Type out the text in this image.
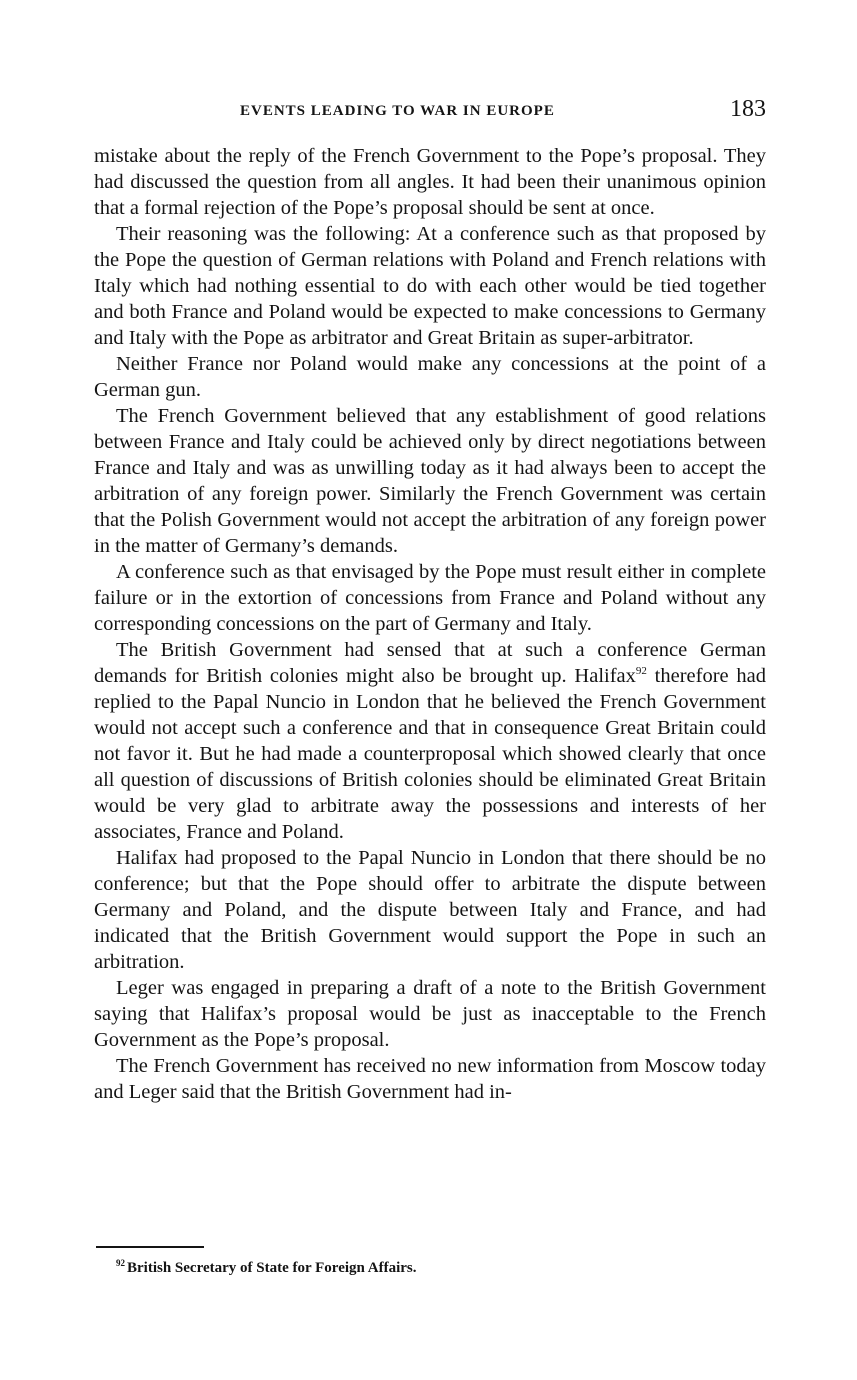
EVENTS LEADING TO WAR IN EUROPE	183

mistake about the reply of the French Government to the Pope’s proposal. They had discussed the question from all angles. It had been their unanimous opinion that a formal rejection of the Pope’s proposal should be sent at once.

Their reasoning was the following: At a conference such as that proposed by the Pope the question of German relations with Poland and French relations with Italy which had nothing essential to do with each other would be tied together and both France and Poland would be expected to make concessions to Germany and Italy with the Pope as arbitrator and Great Britain as super-arbitrator.

Neither France nor Poland would make any concessions at the point of a German gun.

The French Government believed that any establishment of good relations between France and Italy could be achieved only by direct negotiations between France and Italy and was as unwilling today as it had always been to accept the arbitration of any foreign power. Similarly the French Government was certain that the Polish Government would not accept the arbitration of any foreign power in the matter of Germany’s demands.

A conference such as that envisaged by the Pope must result either in complete failure or in the extortion of concessions from France and Poland without any corresponding concessions on the part of Germany and Italy.

The British Government had sensed that at such a conference German demands for British colonies might also be brought up. Halifax$^{92}$ therefore had replied to the Papal Nuncio in London that he believed the French Government would not accept such a conference and that in consequence Great Britain could not favor it. But he had made a counterproposal which showed clearly that once all question of discussions of British colonies should be eliminated Great Britain would be very glad to arbitrate away the possessions and interests of her associates, France and Poland.

Halifax had proposed to the Papal Nuncio in London that there should be no conference; but that the Pope should offer to arbitrate the dispute between Germany and Poland, and the dispute between Italy and France, and had indicated that the British Government would support the Pope in such an arbitration.

Leger was engaged in preparing a draft of a note to the British Government saying that Halifax’s proposal would be just as inacceptable to the French Government as the Pope’s proposal.

The French Government has received no new information from Moscow today and Leger said that the British Government had in-

$^{92}$ British Secretary of State for Foreign Affairs.
